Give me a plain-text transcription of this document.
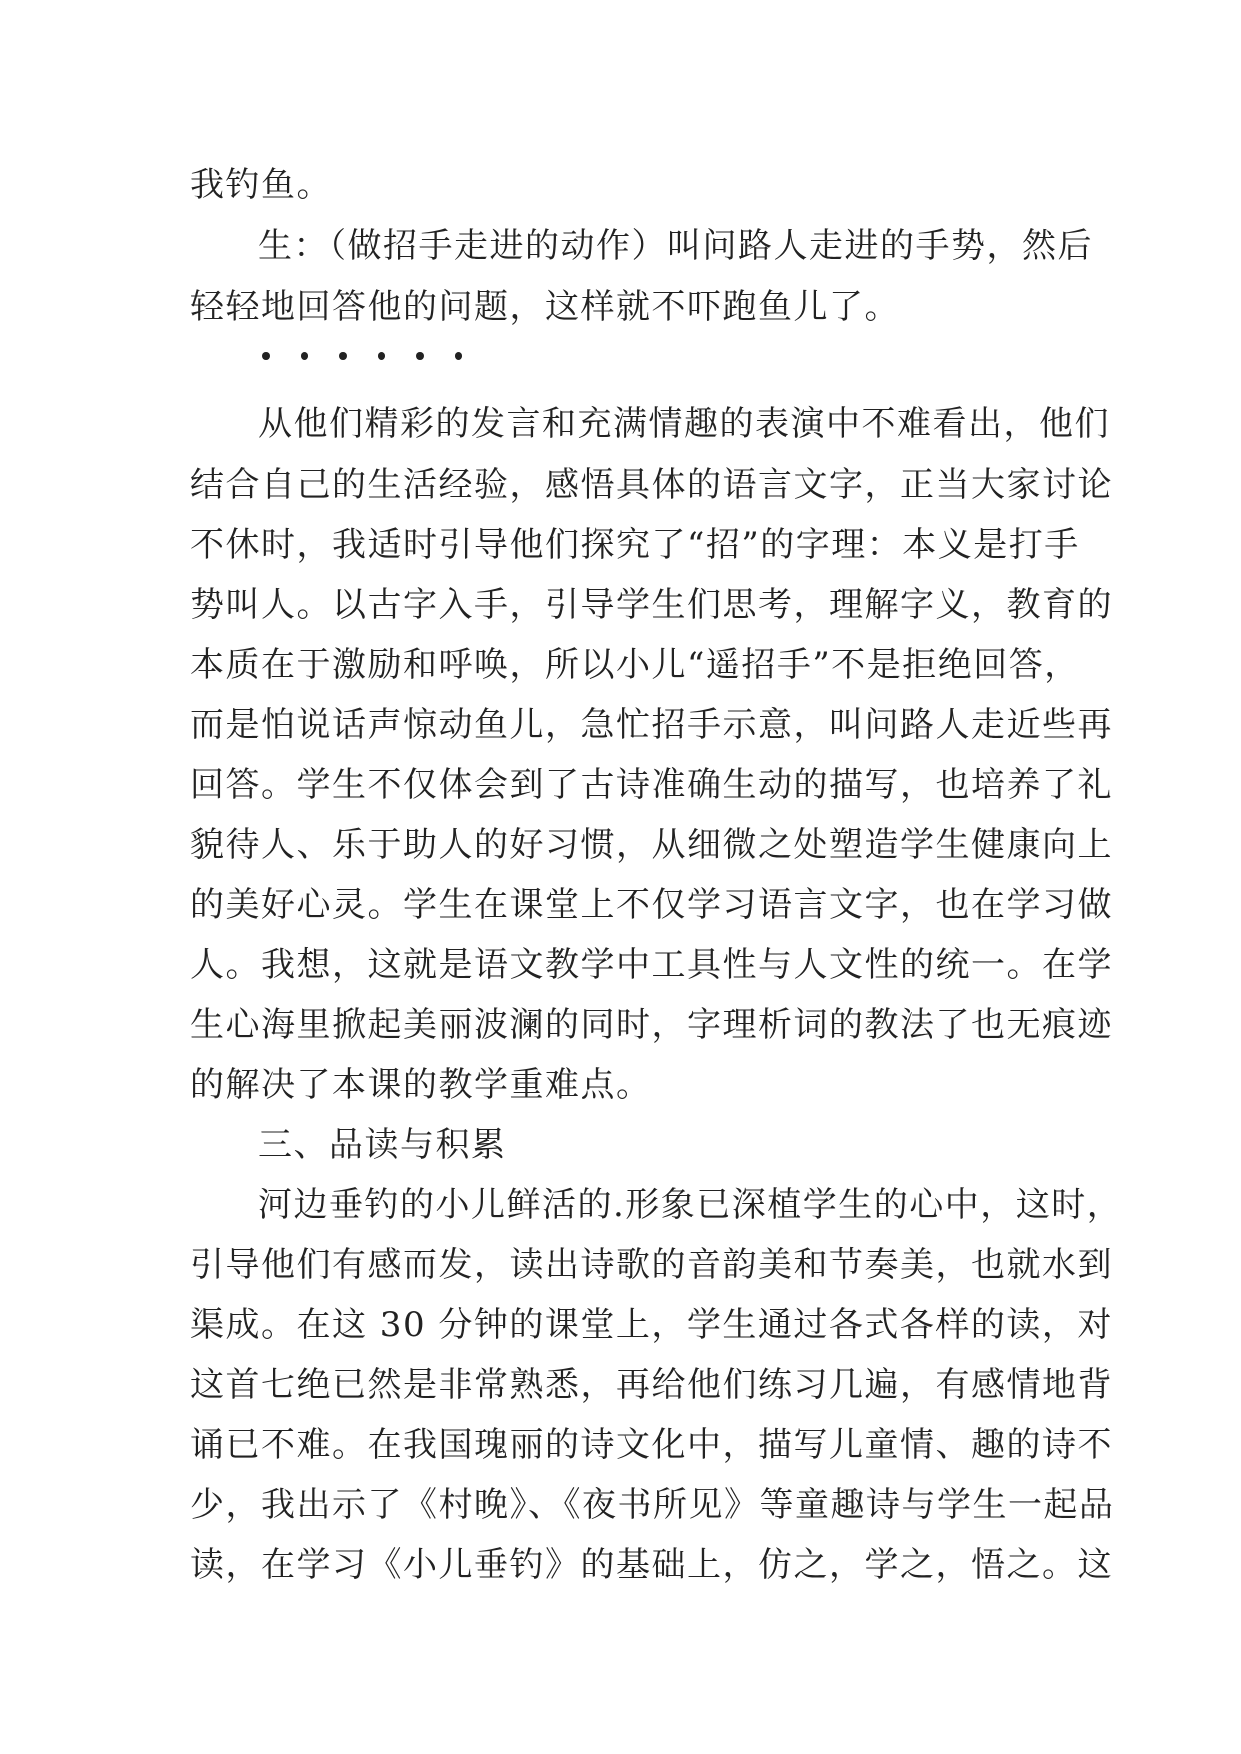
我钓鱼。
生：（做招手走进的动作）叫问路人走进的手势，然后
轻轻地回答他的问题，这样就不吓跑鱼儿了。
从他们精彩的发言和充满情趣的表演中不难看出，他们
结合自己的生活经验，感悟具体的语言文字，正当大家讨论
不休时，我适时引导他们探究了“招”的字理：本义是打手
势叫人。以古字入手，引导学生们思考，理解字义，教育的
本质在于激励和呼唤，所以小儿“遥招手”不是拒绝回答，
而是怕说话声惊动鱼儿，急忙招手示意，叫问路人走近些再
回答。学生不仅体会到了古诗准确生动的描写，也培养了礼
貌待人、乐于助人的好习惯，从细微之处塑造学生健康向上
的美好心灵。学生在课堂上不仅学习语言文字，也在学习做
人。我想，这就是语文教学中工具性与人文性的统一。在学
生心海里掀起美丽波澜的同时，字理析词的教法了也无痕迹
的解决了本课的教学重难点。
三、品读与积累
河边垂钓的小儿鲜活的.形象已深植学生的心中，这时，
引导他们有感而发，读出诗歌的音韵美和节奏美，也就水到
渠成。在这 30 分钟的课堂上，学生通过各式各样的读，对
这首七绝已然是非常熟悉，再给他们练习几遍，有感情地背
诵已不难。在我国瑰丽的诗文化中，描写儿童情、趣的诗不
少，我出示了《村晚》、《夜书所见》等童趣诗与学生一起品
读，在学习《小儿垂钓》的基础上，仿之，学之，悟之。这
